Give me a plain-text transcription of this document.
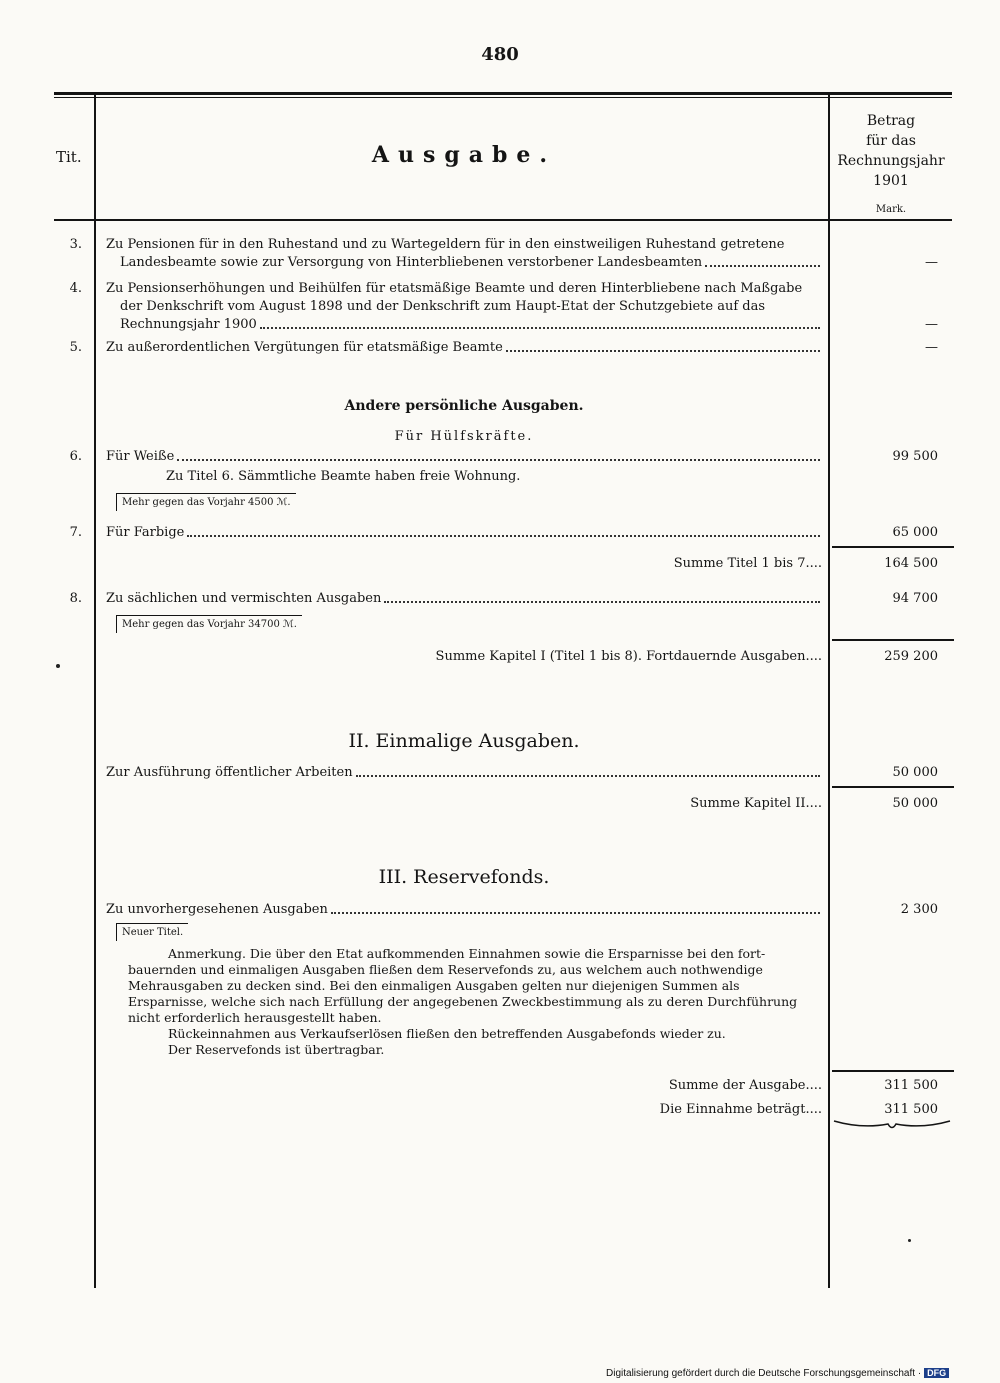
480
Tit.	Ausgabe.
Betrag
für das
Rechnungsjahr
1901
Mark.
3. Zu Pensionen für in den Ruhestand und zu Wartegeldern für in den einstweiligen Ruhestand getretene
Landesbeamte sowie zur Versorgung von Hinterbliebenen verstorbener Landesbeamten	—
4. Zu Pensionserhöhungen und Beihülfen für etatsmäßige Beamte und deren Hinterbliebene nach Maßgabe
der Denkschrift vom August 1898 und der Denkschrift zum Haupt-Etat der Schutzgebiete auf das
Rechnungsjahr 1900	—
5. Zu außerordentlichen Vergütungen für etatsmäßige Beamte	—
Andere persönliche Ausgaben.
Für Hülfskräfte.
6. Für Weiße	99 500
Zu Titel 6. Sämmtliche Beamte haben freie Wohnung.
Mehr gegen das Vorjahr 4500 ℳ.
7. Für Farbige	65 000
Summe Titel 1 bis 7....	164 500
8. Zu sächlichen und vermischten Ausgaben	94 700
Mehr gegen das Vorjahr 34700 ℳ.
Summe Kapitel I (Titel 1 bis 8). Fortdauernde Ausgaben....	259 200
II. Einmalige Ausgaben.
Zur Ausführung öffentlicher Arbeiten	50 000
Summe Kapitel II....	50 000
III. Reservefonds.
Zu unvorhergesehenen Ausgaben	2 300
Neuer Titel.
Anmerkung. Die über den Etat aufkommenden Einnahmen sowie die Ersparnisse bei den fort-
bauernden und einmaligen Ausgaben fließen dem Reservefonds zu, aus welchem auch nothwendige
Mehrausgaben zu decken sind. Bei den einmaligen Ausgaben gelten nur diejenigen Summen als
Ersparnisse, welche sich nach Erfüllung der angegebenen Zweckbestimmung als zu deren Durchführung
nicht erforderlich herausgestellt haben.
Rückeinnahmen aus Verkaufserlösen fließen den betreffenden Ausgabefonds wieder zu.
Der Reservefonds ist übertragbar.
Summe der Ausgabe....	311 500
Die Einnahme beträgt....	311 500
Digitalisierung gefördert durch die Deutsche Forschungsgemeinschaft · DFG
